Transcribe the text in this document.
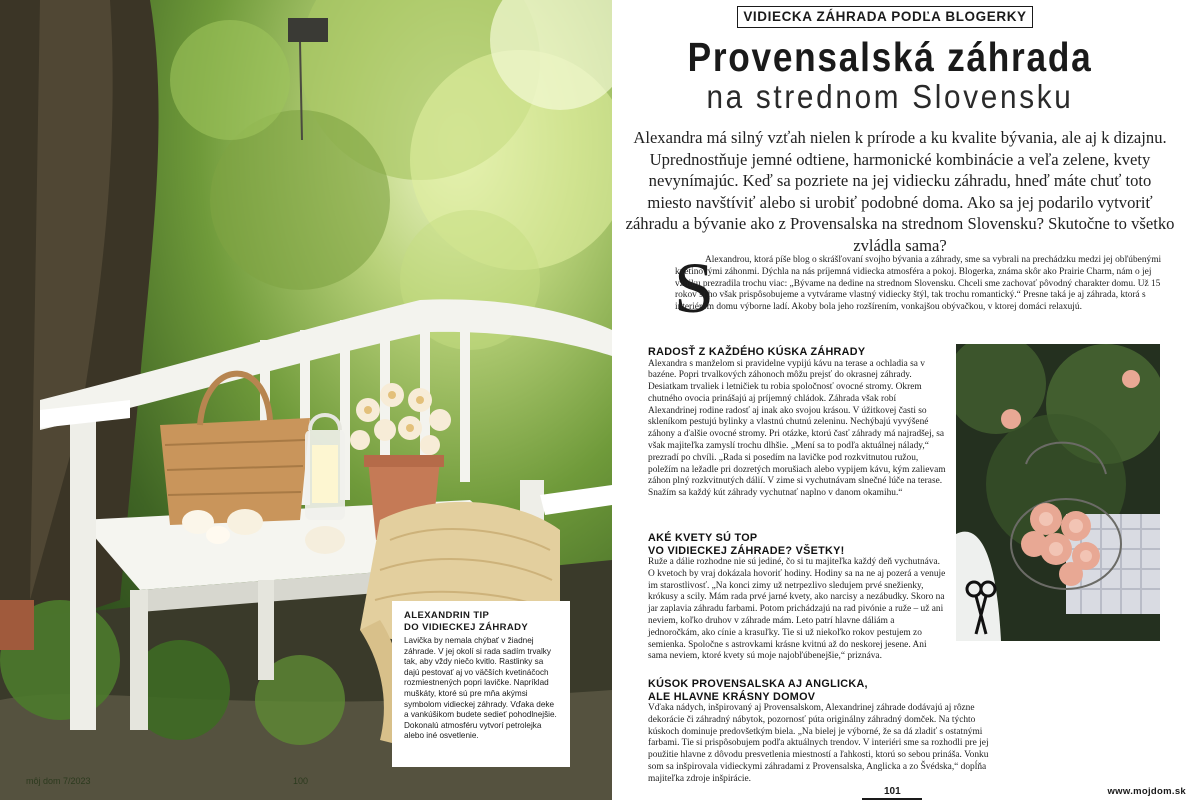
ALEXANDRIN TIP
DO VIDIECKEJ ZÁHRADY
Lavička by nemala chýbať v žiadnej záhrade. V jej okolí si rada sadím trvalky tak, aby vždy niečo kvitlo. Rastlinky sa dajú pestovať aj vo väčších kvetináčoch rozmiestnených popri lavičke. Napríklad muškáty, ktoré sú pre mňa akýmsi symbolom vidieckej záhrady. Vďaka deke a vankúšikom budete sedieť pohodlnejšie. Dokonalú atmosféru vytvorí petrolejka alebo iné osvetlenie.
môj dom 7/2023	100
VIDIECKA ZÁHRADA PODĽA BLOGERKY
Provensalská záhrada
na strednom Slovensku
Alexandra má silný vzťah nielen k prírode a ku kvalite bývania, ale aj k dizajnu. Uprednostňuje jemné odtiene, harmonické kombinácie a veľa zelene, kvety nevynímajúc. Keď sa pozriete na jej vidiecku záhradu, hneď máte chuť toto miesto navštíviť alebo si urobiť podobné doma. Ako sa jej podarilo vytvoriť záhradu a bývanie ako z Provensalska na strednom Slovensku? Skutočne to všetko zvládla sama?
S
Alexandrou, ktorá píše blog o skrášľovaní svojho bývania a záhrady, sme sa vybrali na prechádzku medzi jej obľúbenými kvetinovými záhonmi. Dýchla na nás príjemná vidiecka atmosféra a pokoj. Blogerka, známa skôr ako Prairie Charm, nám o jej vzniku prezradila trochu viac: „Bývame na dedine na strednom Slovensku. Chceli sme zachovať pôvodný charakter domu. Už 15 rokov si ho však prispôsobujeme a vytvárame vlastný vidiecky štýl, tak trochu romantický.“ Presne taká je aj záhrada, ktorá s interiérom domu výborne ladí. Akoby bola jeho rozšírením, vonkajšou obývačkou, v ktorej domáci relaxujú.
RADOSŤ Z KAŽDÉHO KÚSKA ZÁHRADY
Alexandra s manželom si pravidelne vypijú kávu na terase a ochladia sa v bazéne. Popri trvalkových záhonoch môžu prejsť do okrasnej záhrady. Desiatkam trvaliek i letničiek tu robia spoločnosť ovocné stromy. Okrem chutného ovocia prinášajú aj príjemný chládok. Záhrada však robí Alexandrinej rodine radosť aj inak ako svojou krásou. V úžitkovej časti so skleníkom pestujú bylinky a vlastnú chutnú zeleninu. Nechýbajú vyvýšené záhony a ďalšie ovocné stromy. Pri otázke, ktorú časť záhrady má najradšej, sa však majiteľka zamyslí trochu dlhšie. „Mení sa to podľa aktuálnej nálady,“ prezradí po chvíli. „Rada si posedím na lavičke pod rozkvitnutou ružou, poležím na ležadle pri dozretých morušiach alebo vypijem kávu, kým zalievam záhon plný rozkvitnutých dálií. V zime si vychutnávam slnečné lúče na terase. Snažím sa každý kút záhrady vychutnať naplno v danom okamihu.“
AKÉ KVETY SÚ TOP
VO VIDIECKEJ ZÁHRADE? VŠETKY!
Ruže a dálie rozhodne nie sú jediné, čo si tu majiteľka každý deň vychutnáva. O kvetoch by vraj dokázala hovoriť hodiny. Hodiny sa na ne aj pozerá a venuje im starostlivosť. „Na konci zimy už netrpezlivo sledujem prvé snežienky, krókusy a scily. Mám rada prvé jarné kvety, ako narcisy a nezábudky. Skoro na jar zaplavia záhradu farbami. Potom prichádzajú na rad pivónie a ruže – už ani neviem, koľko druhov v záhrade mám. Leto patrí hlavne dáliám a jednoročkám, ako cínie a krasuľky. Tie si už niekoľko rokov pestujem zo semienka. Spoločne s astrovkami krásne kvitnú až do neskorej jesene. Ani sama neviem, ktoré kvety sú moje najobľúbenejšie,“ priznáva.
KÚSOK PROVENSALSKA AJ ANGLICKA,
ALE HLAVNE KRÁSNY DOMOV
Vďaka nádych, inšpirovaný aj Provensalskom, Alexandrinej záhrade dodávajú aj rôzne dekorácie či záhradný nábytok, pozornosť púta originálny záhradný domček. Na týchto kúskoch dominuje predovšetkým biela. „Na bielej je výborné, že sa dá zladiť s ostatnými farbami. Tie si prispôsobujem podľa aktuálnych trendov. V interiéri sme sa rozhodli pre jej použitie hlavne z dôvodu presvetlenia miestností a ľahkosti, ktorú so sebou prináša. Vonku som sa inšpirovala vidieckymi záhradami z Provensalska, Anglicka a zo Švédska,“ dopĺňa majiteľka zdroje inšpirácie.
101	www.mojdom.sk
